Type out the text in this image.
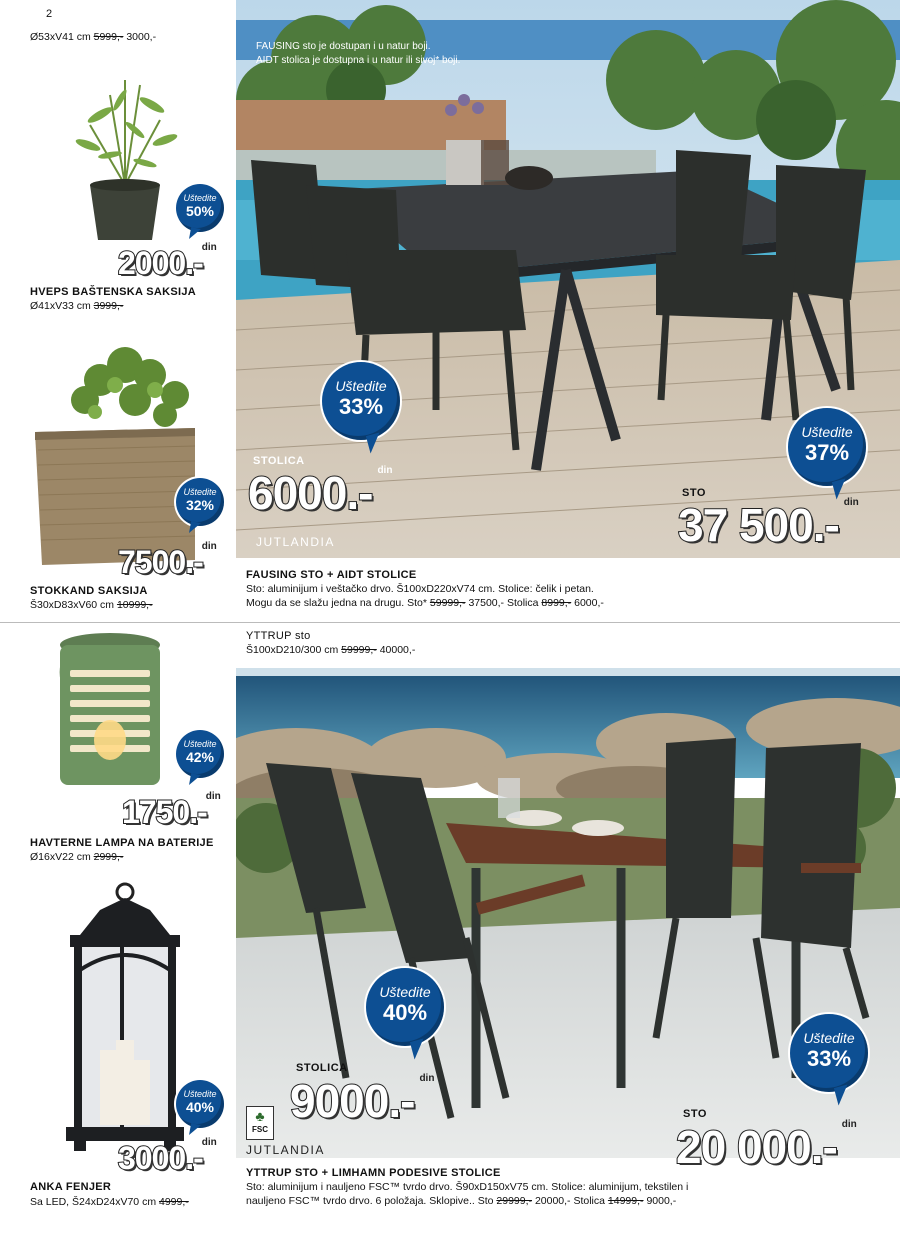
2
Ø53xV41 cm 5999,- 3000,-
Uštedite
50%
2000.- din
HVEPS BAŠTENSKA SAKSIJA
Ø41xV33 cm 3999,-
Uštedite
32%
7500.- din
STOKKAND SAKSIJA
Š30xD83xV60 cm 10999,-
Uštedite
42%
1750.- din
HAVTERNE LAMPA NA BATERIJE
Ø16xV22 cm 2999,-
Uštedite
40%
3000.- din
ANKA FENJER
Sa LED, Š24xD24xV70 cm 4999,-
FAUSING sto je dostupan i u natur boji.
AIDT stolica je dostupna i u natur ili sivoj* boji.
Uštedite
33%
STOLICA
6000.- din
JUTLANDIA
Uštedite
37%
STO
37 500.- din
FAUSING STO + AIDT STOLICE
Sto: aluminijum i veštačko drvo. Š100xD220xV74 cm. Stolice: čelik i petan.
Mogu da se slažu jedna na drugu. Sto* 59999,- 37500,- Stolica 8999,- 6000,-
YTTRUP sto
Š100xD210/300 cm 59999,- 40000,-
Uštedite
40%
STOLICA
9000.- din
♣
FSC
JUTLANDIA
Uštedite
33%
STO
20 000.- din
YTTRUP STO + LIMHAMN PODESIVE STOLICE
Sto: aluminijum i nauljeno FSC™ tvrdo drvo. Š90xD150xV75 cm. Stolice: aluminijum, tekstilen i
nauljeno FSC™ tvrdo drvo. 6 položaja. Sklopive.. Sto 29999,- 20000,- Stolica 14999,- 9000,-
